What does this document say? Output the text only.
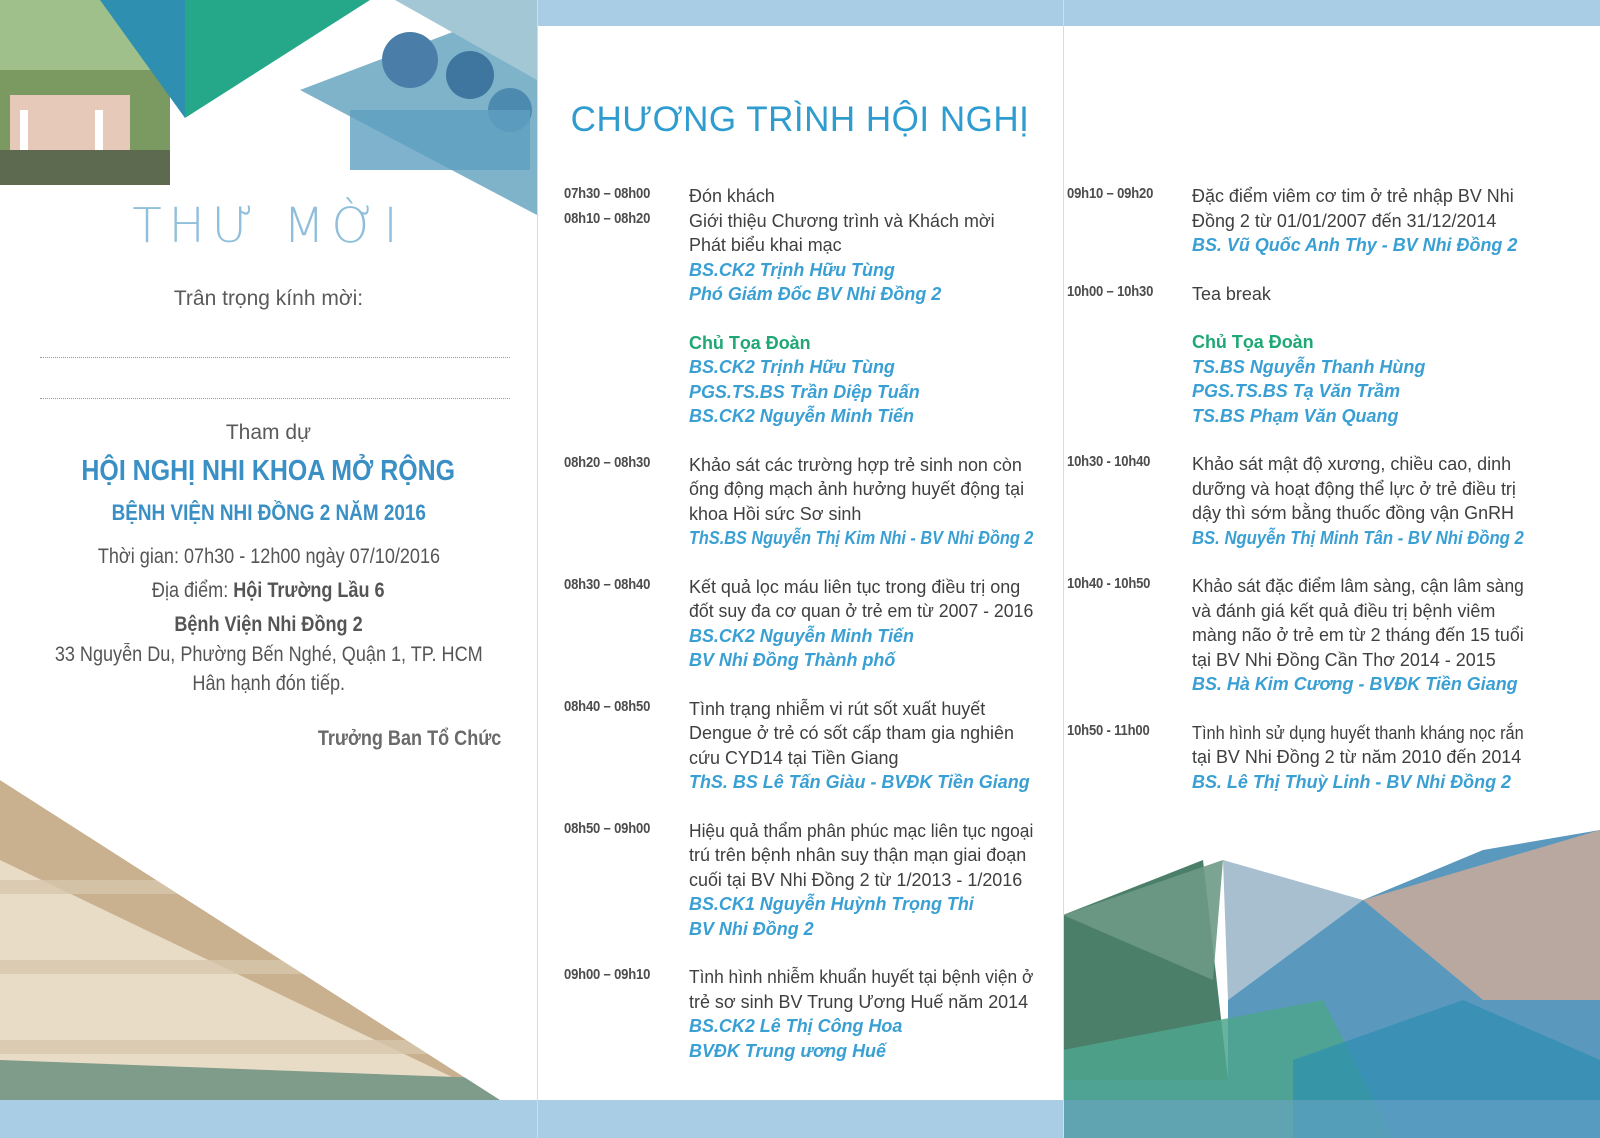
THƯ MỜI
Trân trọng kính mời:
Tham dự
HỘI NGHỊ NHI KHOA MỞ RỘNG
BỆNH VIỆN NHI ĐỒNG 2 NĂM 2016
Thời gian: 07h30 - 12h00 ngày 07/10/2016
Địa điểm: Hội Trường Lầu 6
Bệnh Viện Nhi Đồng 2
33 Nguyễn Du, Phường Bến Nghé, Quận 1, TP. HCM
Hân hạnh đón tiếp.
Trưởng Ban Tổ Chức
CHƯƠNG TRÌNH HỘI NGHỊ
07h30 – 08h00 Đón khách
08h10 – 08h20 Giới thiệu Chương trình và Khách mời
Phát biểu khai mạc
BS.CK2 Trịnh Hữu Tùng
Phó Giám Đốc BV Nhi Đồng 2
Chủ Tọa Đoàn
BS.CK2 Trịnh Hữu Tùng
PGS.TS.BS Trần Diệp Tuấn
BS.CK2 Nguyễn Minh Tiến
08h20 – 08h30 Khảo sát các trường hợp trẻ sinh non còn
ống động mạch ảnh hưởng huyết động tại
khoa Hồi sức Sơ sinh
ThS.BS Nguyễn Thị Kim Nhi - BV Nhi Đồng 2
08h30 – 08h40 Kết quả lọc máu liên tục trong điều trị ong
đốt suy đa cơ quan ở trẻ em từ 2007 - 2016
BS.CK2 Nguyễn Minh Tiến
BV Nhi Đồng Thành phố
08h40 – 08h50 Tình trạng nhiễm vi rút sốt xuất huyết
Dengue ở trẻ có sốt cấp tham gia nghiên
cứu CYD14 tại Tiền Giang
ThS. BS Lê Tấn Giàu - BVĐK Tiền Giang
08h50 – 09h00 Hiệu quả thẩm phân phúc mạc liên tục ngoại
trú trên bệnh nhân suy thận mạn giai đoạn
cuối tại BV Nhi Đồng 2 từ 1/2013 - 1/2016
BS.CK1 Nguyễn Huỳnh Trọng Thi
BV Nhi Đồng 2
09h00 – 09h10 Tình hình nhiễm khuẩn huyết tại bệnh viện ở
trẻ sơ sinh BV Trung Ương Huế năm 2014
BS.CK2 Lê Thị Công Hoa
BVĐK Trung ương Huế
09h10 – 09h20 Đặc điểm viêm cơ tim ở trẻ nhập BV Nhi
Đồng 2 từ 01/01/2007 đến 31/12/2014
BS. Vũ Quốc Anh Thy - BV Nhi Đồng 2
10h00 – 10h30 Tea break
Chủ Tọa Đoàn
TS.BS Nguyễn Thanh Hùng
PGS.TS.BS Tạ Văn Trầm
TS.BS Phạm Văn Quang
10h30 - 10h40 Khảo sát mật độ xương, chiều cao, dinh
dưỡng và hoạt động thể lực ở trẻ điều trị
dậy thì sớm bằng thuốc đồng vận GnRH
BS. Nguyễn Thị Minh Tân - BV Nhi Đồng 2
10h40 - 10h50 Khảo sát đặc điểm lâm sàng, cận lâm sàng
và đánh giá kết quả điều trị bệnh viêm
màng não ở trẻ em từ 2 tháng đến 15 tuổi
tại BV Nhi Đồng Cần Thơ 2014 - 2015
BS. Hà Kim Cương - BVĐK Tiền Giang
10h50 - 11h00 Tình hình sử dụng huyết thanh kháng nọc rắn
tại BV Nhi Đồng 2 từ năm 2010 đến 2014
BS. Lê Thị Thuỳ Linh - BV Nhi Đồng 2
